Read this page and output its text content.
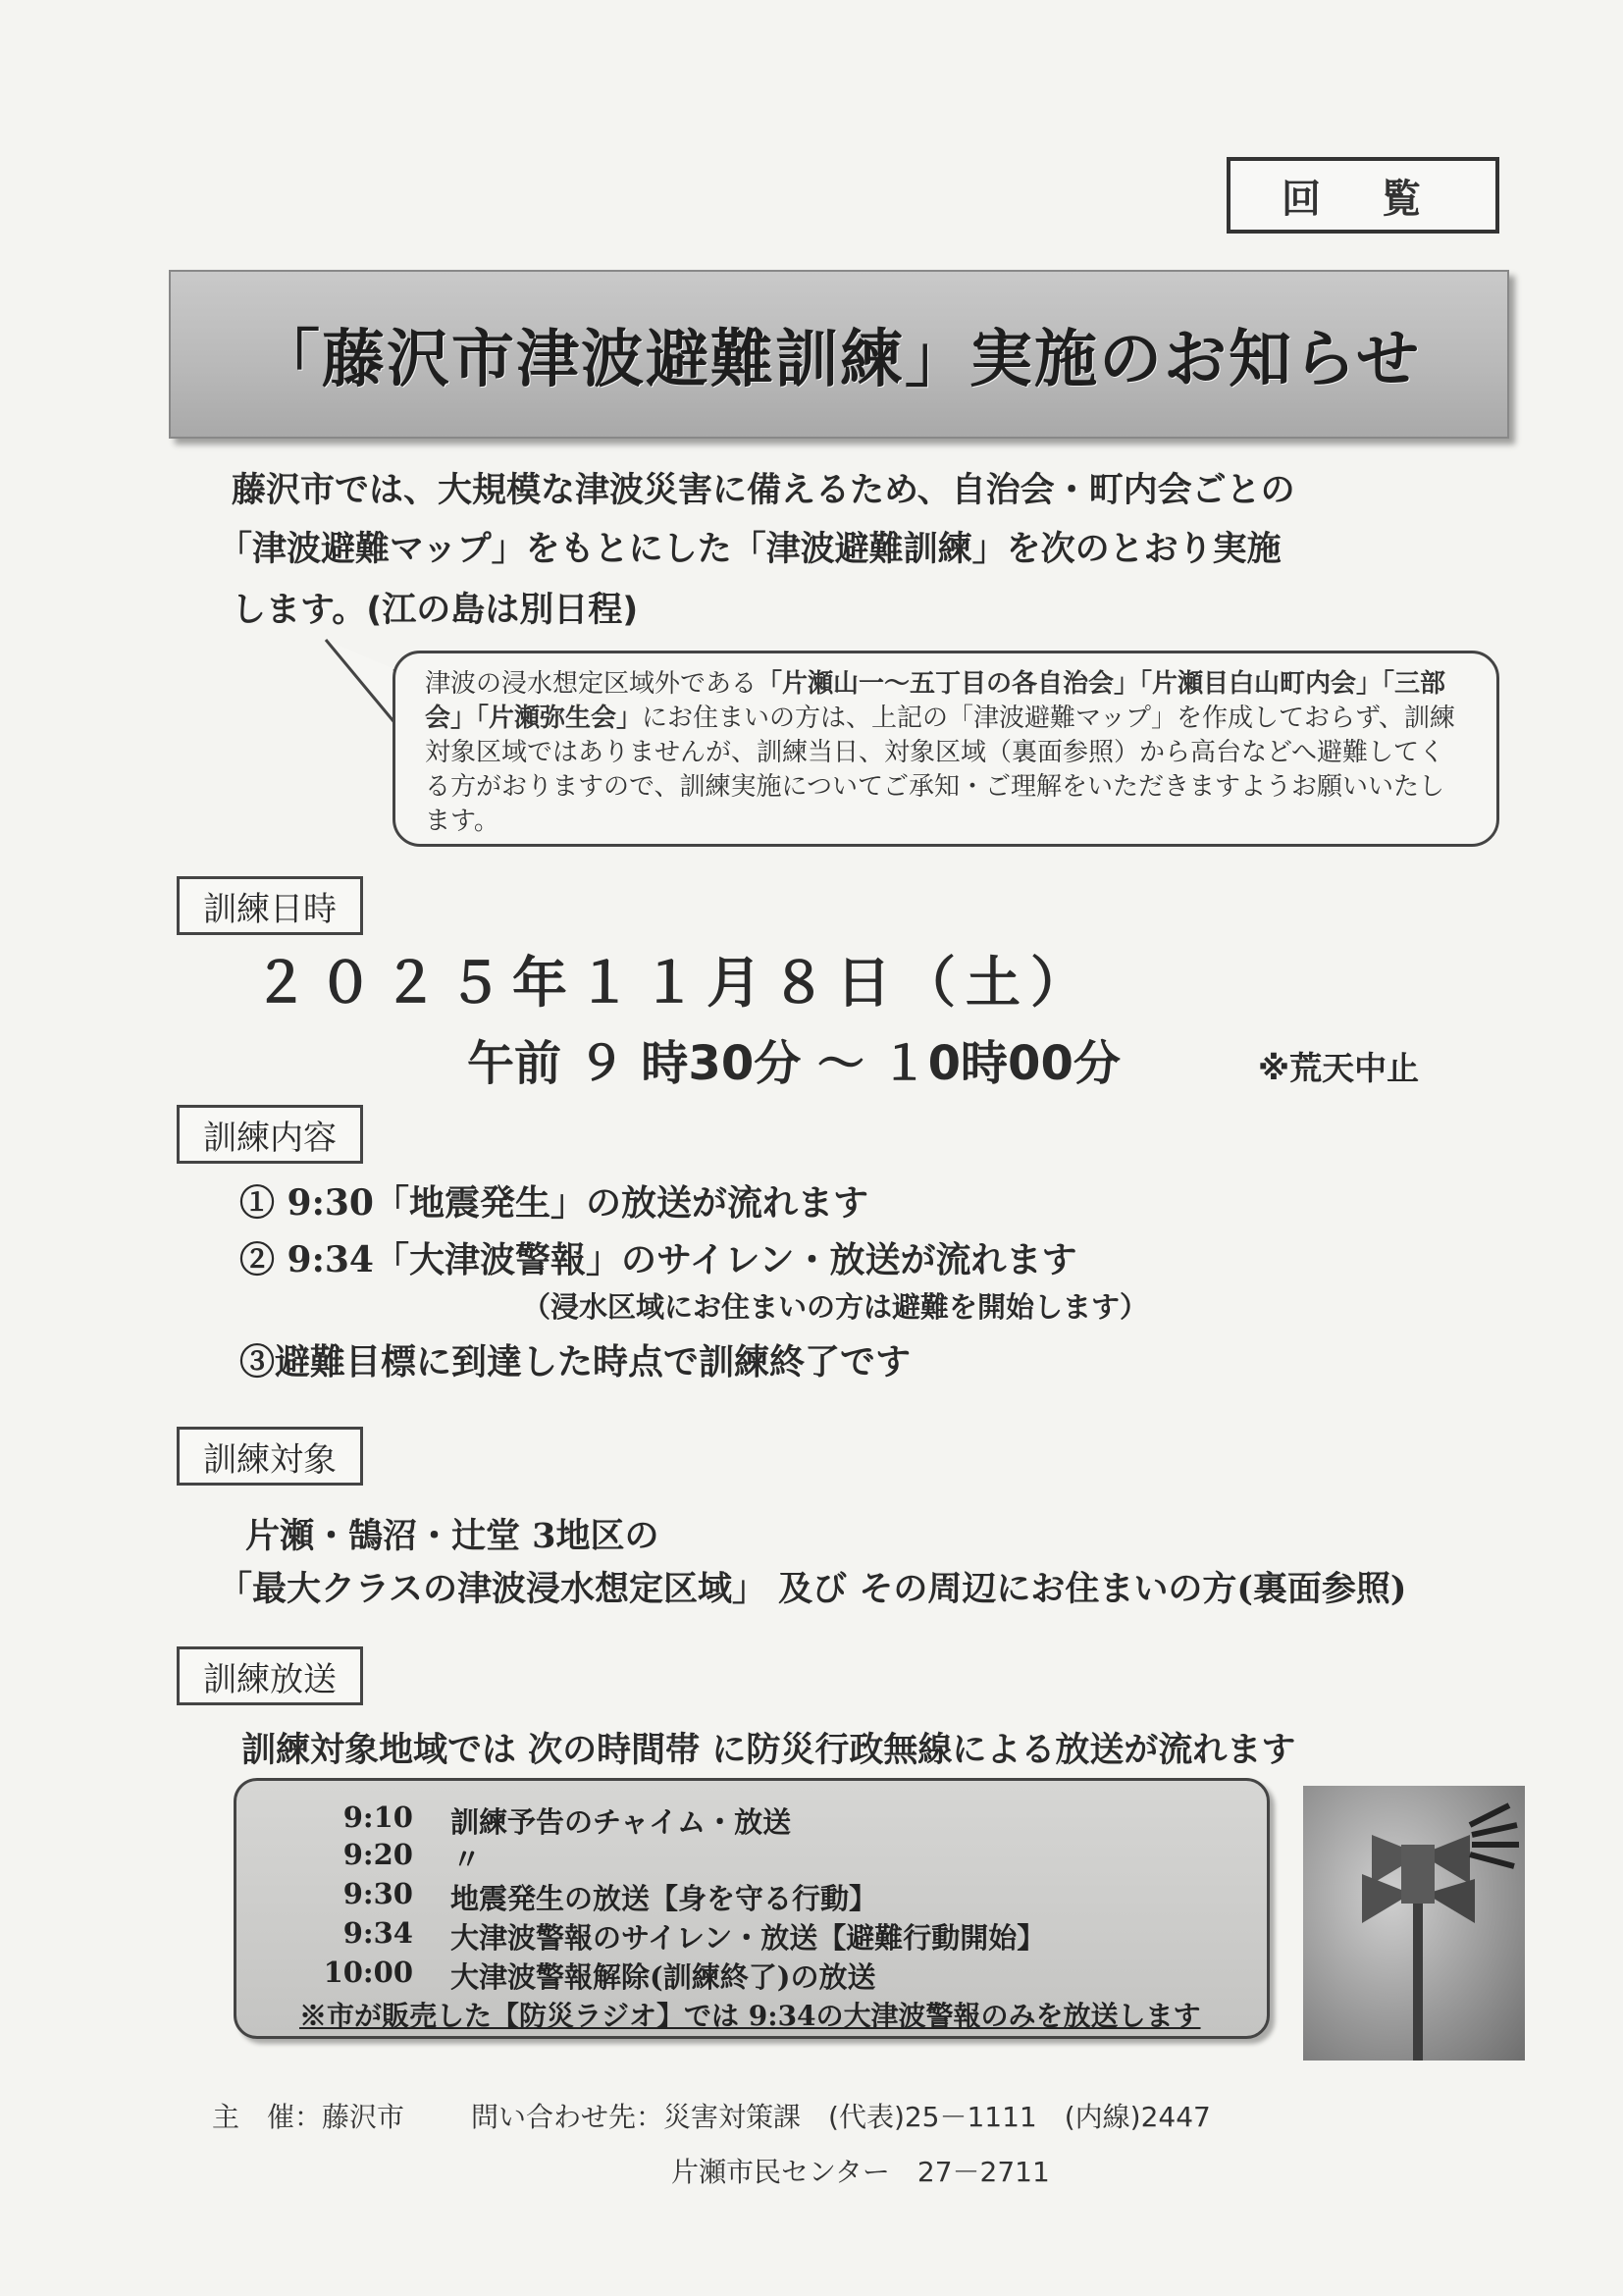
回 覧
「藤沢市津波避難訓練」実施のお知らせ
藤沢市では、大規模な津波災害に備えるため、自治会・町内会ごとの
「津波避難マップ」をもとにした「津波避難訓練」を次のとおり実施
します。(江の島は別日程)
津波の浸水想定区域外である「片瀬山一～五丁目の各自治会」「片瀬目白山町内会」「三部会」「片瀬弥生会」にお住まいの方は、上記の「津波避難マップ」を作成しておらず、訓練対象区域ではありませんが、訓練当日、対象区域（裏面参照）から高台などへ避難してくる方がおりますので、訓練実施についてご承知・ご理解をいただきますようお願いいたします。
訓練日時
２０２５年１１月８日（土）
午前 ９ 時30分 ～ １0時00分	※荒天中止
訓練内容
① 9:30「地震発生」の放送が流れます
② 9:34「大津波警報」のサイレン・放送が流れます
（浸水区域にお住まいの方は避難を開始します）
③避難目標に到達した時点で訓練終了です
訓練対象
片瀬・鵠沼・辻堂 3地区の
「最大クラスの津波浸水想定区域」 及び その周辺にお住まいの方(裏面参照)
訓練放送
訓練対象地域では 次の時間帯 に防災行政無線による放送が流れます
9:10 訓練予告のチャイム・放送
9:20 〃
9:30 地震発生の放送【身を守る行動】
9:34 大津波警報のサイレン・放送【避難行動開始】
10:00 大津波警報解除(訓練終了)の放送
※市が販売した【防災ラジオ】では 9:34の大津波警報のみを放送します
主　催：藤沢市 問い合わせ先：災害対策課　(代表)25－1111　(内線)2447
片瀬市民センター　27－2711
